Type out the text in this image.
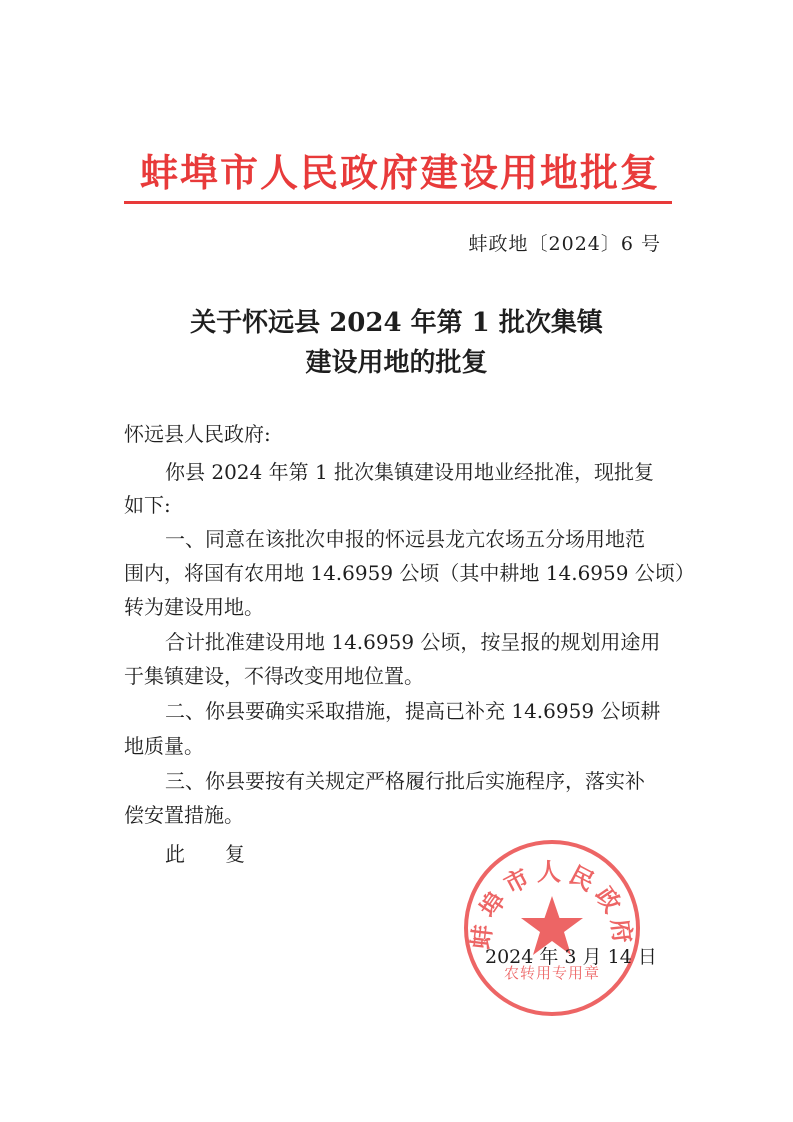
蚌埠市人民政府建设用地批复
蚌政地〔2024〕6 号
关于怀远县 2024 年第 1 批次集镇
建设用地的批复
怀远县人民政府:
你县 2024 年第 1 批次集镇建设用地业经批准，现批复
如下:
一、同意在该批次申报的怀远县龙亢农场五分场用地范
围内，将国有农用地 14.6959 公顷（其中耕地 14.6959 公顷）
转为建设用地。
合计批准建设用地 14.6959 公顷，按呈报的规划用途用
于集镇建设，不得改变用地位置。
二、你县要确实采取措施，提高已补充 14.6959 公顷耕
地质量。
三、你县要按有关规定严格履行批后实施程序，落实补
偿安置措施。
此 复
蚌埠市人民政府
农转用专用章
2024 年 3 月 14 日
